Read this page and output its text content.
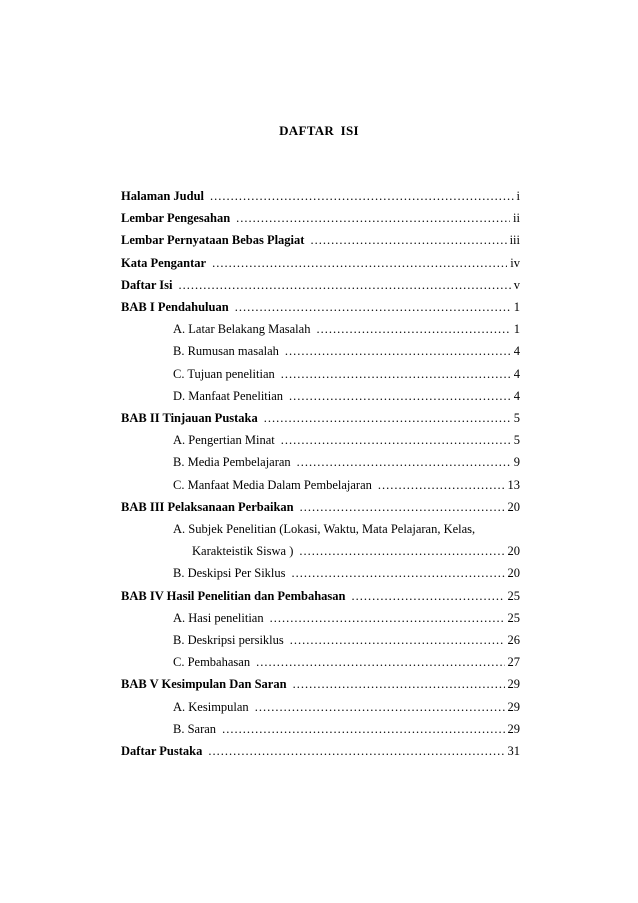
DAFTAR ISI
Halaman Judul .....	i
Lembar Pengesahan .....	ii
Lembar Pernyataan Bebas Plagiat .....	iii
Kata Pengantar .....	iv
Daftar Isi .....	v
BAB I Pendahuluan .....	1
A. Latar Belakang Masalah .....	1
B. Rumusan masalah .....	4
C. Tujuan penelitian .....	4
D. Manfaat Penelitian .....	4
BAB II Tinjauan Pustaka .....	5
A. Pengertian Minat .....	5
B. Media Pembelajaran .....	9
C. Manfaat Media Dalam Pembelajaran .....	13
BAB III Pelaksanaan Perbaikan .....	20
A. Subjek Penelitian (Lokasi, Waktu, Mata Pelajaran, Kelas,
Karakteistik Siswa ) .....	20
B. Deskipsi Per Siklus .....	20
BAB IV Hasil Penelitian dan Pembahasan .....	25
A. Hasi penelitian .....	25
B. Deskripsi persiklus .....	26
C. Pembahasan .....	27
BAB V Kesimpulan Dan Saran .....	29
A. Kesimpulan .....	29
B. Saran .....	29
Daftar Pustaka .....	31
